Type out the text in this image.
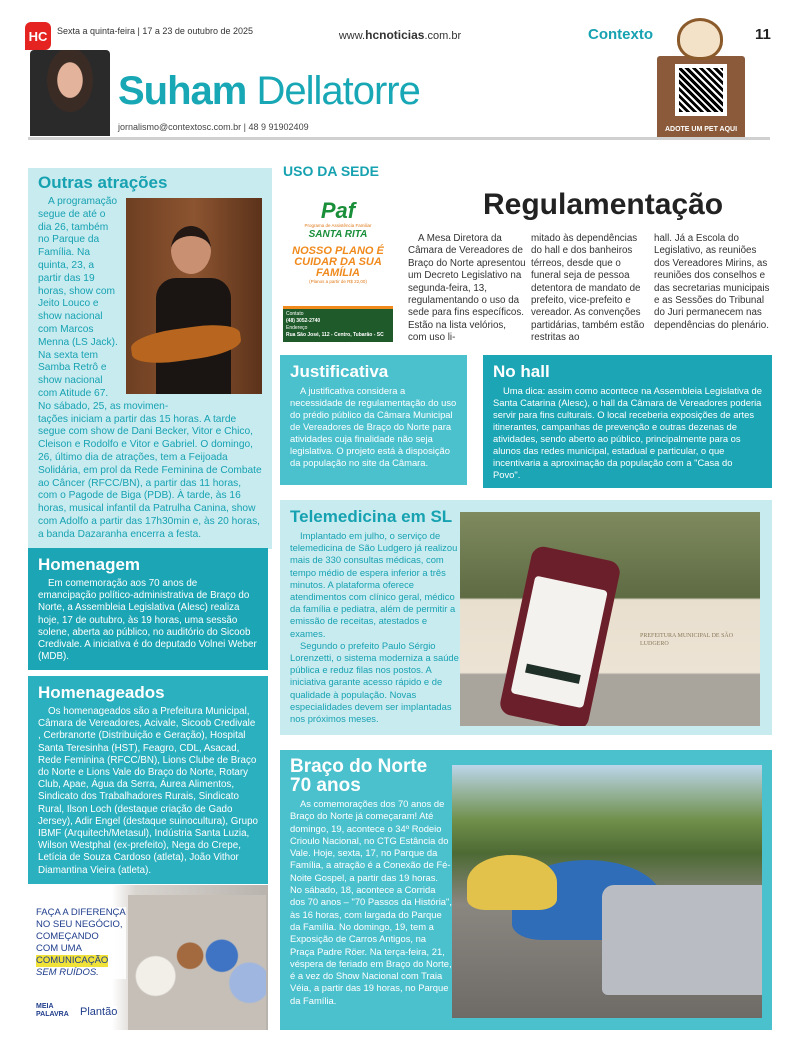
HC	Sexta a quinta-feira | 17 a 23 de outubro de 2025	www.hcnoticias.com.br	Contexto	11
ADOTE UM PET AQUI
Suham Dellatorre
jornalismo@contextosc.com.br | 48 9 91902409
Outras atrações

A programação segue de até o dia 26, também no Parque da Família. Na quinta, 23, a partir das 19 horas, show com Jeito Louco e show nacional com Marcos Menna (LS Jack). Na sexta tem Samba Retrô e show nacional com Atitude 67. No sábado, 25, as movimen-

tações iniciam a partir das 15 horas. A tarde segue com show de Dani Becker, Vitor e Chico, Cleison e Rodolfo e Vitor e Gabriel. O domingo, 26, último dia de atrações, tem a Feijoada Solidária, em prol da Rede Feminina de Combate ao Câncer (RFCC/BN), a partir das 11 horas, com o Pagode de Biga (PDB). À tarde, às 16 horas, musical infantil da Patrulha Canina, show com Adolfo a partir das 17h30min e, às 20 horas, a banda Dazaranha encerra a festa.

Homenagem

Em comemoração aos 70 anos de emancipação político-administrativa de Braço do Norte, a Assembleia Legislativa (Alesc) realiza hoje, 17 de outubro, às 19 horas, uma sessão solene, aberta ao público, no auditório do Sicoob Credivale. A iniciativa é do deputado Volnei Weber (MDB).

Homenageados

Os homenageados são a Prefeitura Municipal, Câmara de Vereadores, Acivale, Sicoob Credivale , Cerbranorte (Distribuição e Geração), Hospital Santa Teresinha (HST), Feagro, CDL, Asacad, Rede Feminina (RFCC/BN), Lions Clube de Braço do Norte e Lions Vale do Braço do Norte, Rotary Club, Apae, Água da Serra, Áurea Alimentos, Sindicato dos Trabalhadores Rurais, Sindicato Rural, Ilson Loch (destaque criação de Gado Jersey), Adir Engel (destaque suinocultura), Grupo IBMF (Arquitech/Metasul), Indústria Santa Luzia, Wilson Westphal (ex-prefeito), Nega do Crepe, Letícia de Souza Cardoso (atleta), João Vithor Diamantina Vieira (atleta).

FAÇA A DIFERENÇA
NO SEU NEGÓCIO,
COMEÇANDO
COM UMA
COMUNICAÇÃO
SEM RUÍDOS.
MEIA PALAVRA	Plantão
USO DA SEDE
Paf
Programa de Assistência Familiar
SANTA RITA
NOSSO PLANO É CUIDAR DA SUA FAMÍLIA
(Planos a partir de R$ 22,00)
Contato
(48) 3052-2740
Endereço
Rua São José, 112 - Centro, Tubarão - SC
Regulamentação
A Mesa Diretora da Câmara de Vereadores de Braço do Norte apresentou um Decreto Legislativo na segunda-feira, 13, regulamentando o uso da sede para fins específicos. Estão na lista velórios, com uso li-
mitado às dependências do hall e dos banheiros térreos, desde que o funeral seja de pessoa detentora de mandato de prefeito, vice-prefeito e vereador. As convenções partidárias, também estão restritas ao
hall. Já a Escola do Legislativo, as reuniões dos Vereadores Mirins, as reuniões dos conselhos e das secretarias municipais e as Sessões do Tribunal do Juri permanecem nas dependências do plenário.
Justificativa

A justificativa considera a necessidade de regulamentação do uso do prédio público da Câmara Municipal de Vereadores de Braço do Norte para atividades cuja finalidade não seja legislativa. O projeto está à disposição da população no site da Câmara.

No hall

Uma dica: assim como acontece na Assembleia Legislativa de Santa Catarina (Alesc), o hall da Câmara de Vereadores poderia servir para fins culturais. O local receberia exposições de artes itinerantes, campanhas de prevenção e outras dezenas de atividades, sendo aberto ao público, principalmente para os alunos das redes municipal, estadual e particular, o que incentivaria a aproximação da população com a "Casa do Povo".

Telemedicina em SL

Implantado em julho, o serviço de telemedicina de São Ludgero já realizou mais de 330 consultas médicas, com tempo médio de espera inferior a três minutos. A plataforma oferece atendimentos com clínico geral, médico da família e pediatra, além de permitir a emissão de receitas, atestados e exames.

Segundo o prefeito Paulo Sérgio Lorenzetti, o sistema moderniza a saúde pública e reduz filas nos postos. A iniciativa garante acesso rápido e de qualidade à população. Novas especialidades devem ser implantadas nos próximos meses.

PREFEITURA MUNICIPAL DE SÃO LUDGERO
Braço do Norte 70 anos

As comemorações dos 70 anos de Braço do Norte já começaram! Até domingo, 19, acontece o 34º Rodeio Crioulo Nacional, no CTG Estância do Vale. Hoje, sexta, 17, no Parque da Família, a atração é a Conexão de Fé- Noite Gospel, a partir das 19 horas. No sábado, 18, acontece a Corrida dos 70 anos – "70 Passos da História", às 16 horas, com largada do Parque da Família. No domingo, 19, tem a Exposição de Carros Antigos, na Praça Padre Röer. Na terça-feira, 21, véspera de feriado em Braço do Norte, é a vez do Show Nacional com Traia Véia, a partir das 19 horas, no Parque da Família.
